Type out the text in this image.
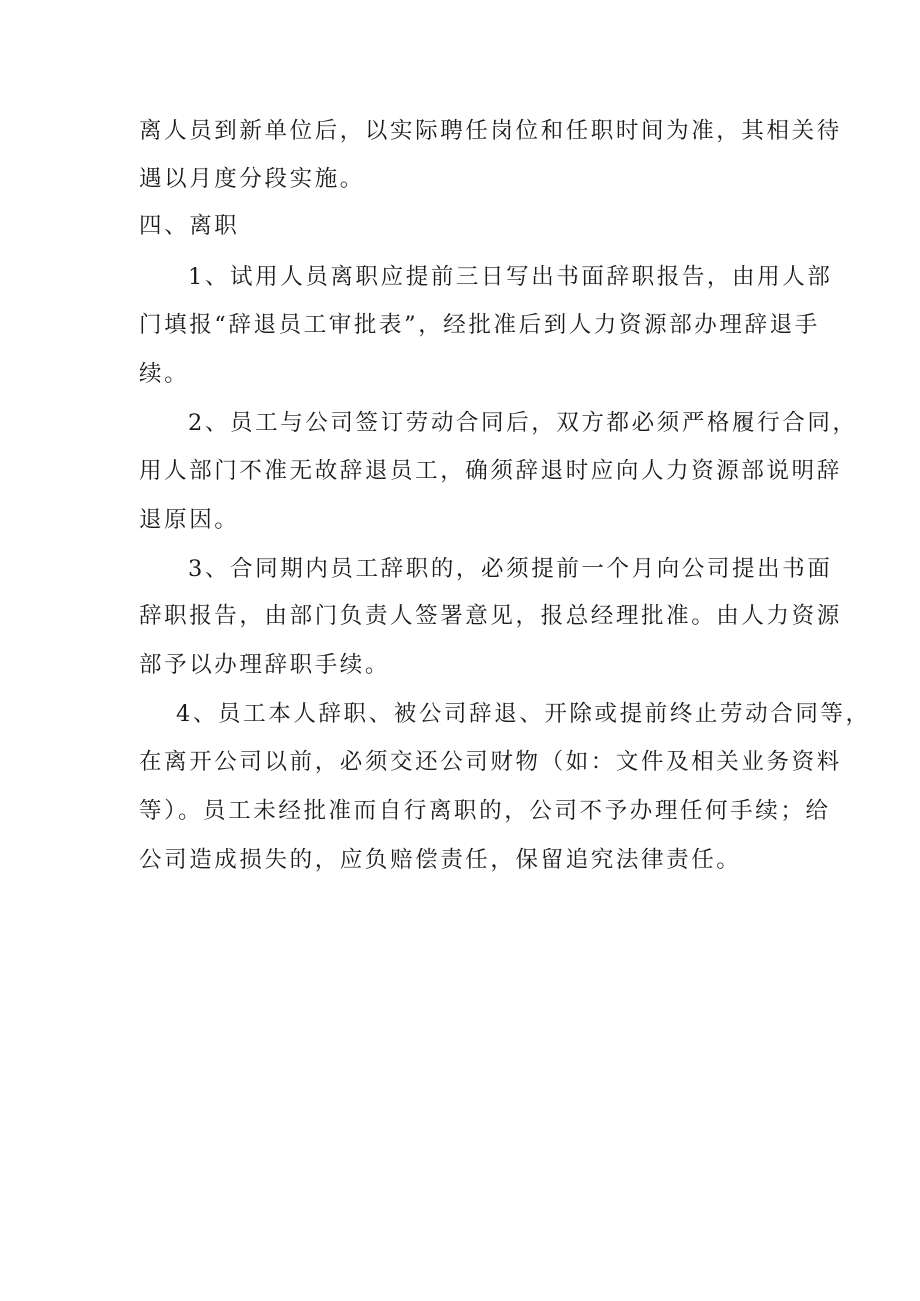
离人员到新单位后，以实际聘任岗位和任职时间为准，其相关待
遇以月度分段实施。
四、离职
1、试用人员离职应提前三日写出书面辞职报告，由用人部
门填报“辞退员工审批表”，经批准后到人力资源部办理辞退手
续。
2、员工与公司签订劳动合同后，双方都必须严格履行合同，
用人部门不准无故辞退员工，确须辞退时应向人力资源部说明辞
退原因。
3、合同期内员工辞职的，必须提前一个月向公司提出书面
辞职报告，由部门负责人签署意见，报总经理批准。由人力资源
部予以办理辞职手续。
4、员工本人辞职、被公司辞退、开除或提前终止劳动合同等，
在离开公司以前，必须交还公司财物（如：文件及相关业务资料
等）。员工未经批准而自行离职的，公司不予办理任何手续；给
公司造成损失的，应负赔偿责任，保留追究法律责任。
